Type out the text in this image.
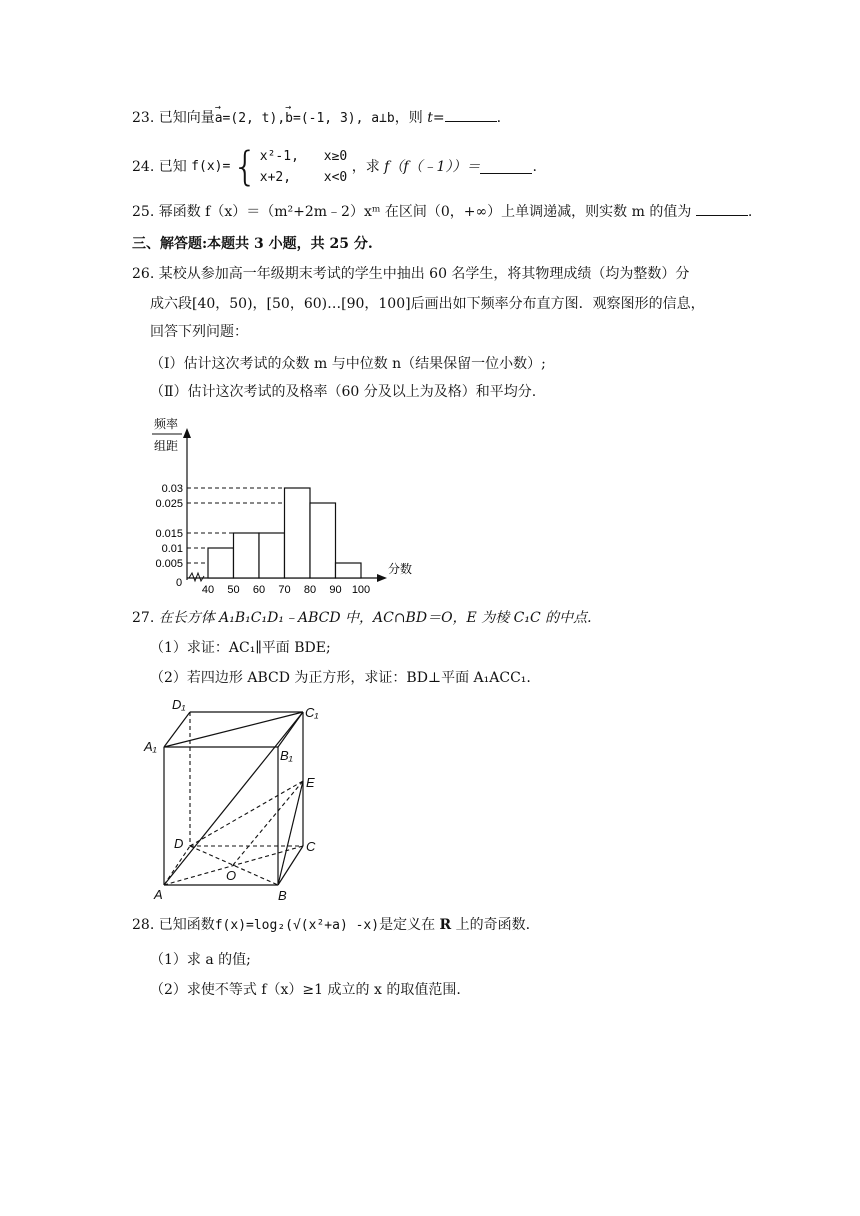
23. 已知向量→ a=(2, t),→ b=(-1, 3), a⊥b，则 t=	.
24. 已知 f(x)= { x²-1, x≥0
x+2,	x<0
，求 f（f（﹣1））＝	.
25. 幂函数 f（x）＝（m²+2m﹣2）xᵐ 在区间（0，+∞）上单调递减，则实数 m 的值为	.
三、解答题:本题共 3 小题，共 25 分.
26. 某校从参加高一年级期末考试的学生中抽出 60 名学生，将其物理成绩（均为整数）分
成六段[40，50)，[50，60)…[90，100]后画出如下频率分布直方图．观察图形的信息，
回答下列问题：
（Ⅰ）估计这次考试的众数 m 与中位数 n（结果保留一位小数）;
（Ⅱ）估计这次考试的及格率（60 分及以上为及格）和平均分.
0.005
0.01
0.015
0.025
0.03
40 50 60 70 80 90 100
频率
组距
分数
0
27. 在长方体 A₁B₁C₁D₁﹣ABCD 中，AC∩BD＝O，E 为棱 C₁C 的中点.
（1）求证：AC₁∥平面 BDE;
（2）若四边形 ABCD 为正方形，求证：BD⊥平面 A₁ACC₁.
D₁
C₁
A₁
B₁
E
D	C
O
A	B
28. 已知函数f(x)=log₂(√(x²+a) -x)是定义在 R 上的奇函数.
（1）求 a 的值;
（2）求使不等式 f（x）≥1 成立的 x 的取值范围.
